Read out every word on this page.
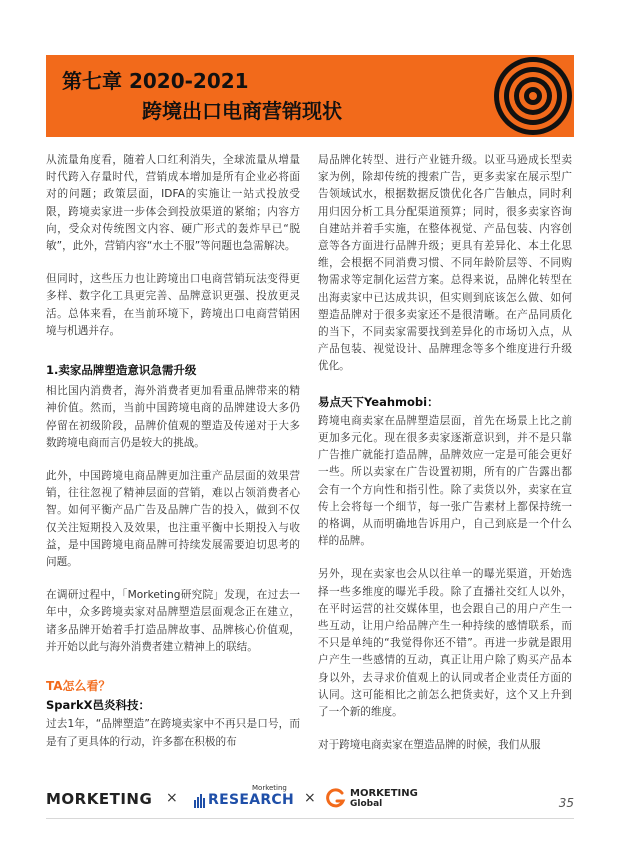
第七章 2020-2021
跨境出口电商营销现状

从流量角度看，随着人口红利消失，全球流量从增量时代跨入存量时代，营销成本增加是所有企业必将面对的问题；政策层面，IDFA的实施让一站式投放受限，跨境卖家进一步体会到投放渠道的紧缩；内容方向，受众对传统图文内容、硬广形式的轰炸早已“脱敏”，此外，营销内容“水土不服”等问题也急需解决。

但同时，这些压力也让跨境出口电商营销玩法变得更多样、数字化工具更完善、品牌意识更强、投放更灵活。总体来看，在当前环境下，跨境出口电商营销困境与机遇并存。

1.卖家品牌塑造意识急需升级

相比国内消费者，海外消费者更加看重品牌带来的精神价值。然而，当前中国跨境电商的品牌建设大多仍停留在初级阶段，品牌价值观的塑造及传递对于大多数跨境电商而言仍是较大的挑战。

此外，中国跨境电商品牌更加注重产品层面的效果营销，往往忽视了精神层面的营销，难以占领消费者心智。如何平衡产品广告及品牌广告的投入，做到不仅仅关注短期投入及效果，也注重平衡中长期投入与收益，是中国跨境电商品牌可持续发展需要迫切思考的问题。

在调研过程中，「Morketing研究院」发现，在过去一年中，众多跨境卖家对品牌塑造层面观念正在建立，诸多品牌开始着手打造品牌故事、品牌核心价值观，并开始以此与海外消费者建立精神上的联结。

TA怎么看？
SparkX邑炎科技：

过去1年，“品牌塑造”在跨境卖家中不再只是口号，而是有了更具体的行动，许多都在积极的布

局品牌化转型、进行产业链升级。以亚马逊成长型卖家为例，除却传统的搜索广告，更多卖家在展示型广告领域试水，根据数据反馈优化各广告触点，同时利用归因分析工具分配渠道预算；同时，很多卖家咨询自建站并着手实施，在整体视觉、产品包装、内容创意等各方面进行品牌升级；更具有差异化、本土化思维，会根据不同消费习惯、不同年龄阶层等、不同购物需求等定制化运营方案。总得来说，品牌化转型在出海卖家中已达成共识，但实则到底该怎么做、如何塑造品牌对于很多卖家还不是很清晰。在产品同质化的当下，不同卖家需要找到差异化的市场切入点，从产品包装、视觉设计、品牌理念等多个维度进行升级优化。

易点天下Yeahmobi：

跨境电商卖家在品牌塑造层面，首先在场景上比之前更加多元化。现在很多卖家逐渐意识到，并不是只靠广告推广就能打造品牌，品牌效应一定是可能会更好一些。所以卖家在广告设置初期，所有的广告露出都会有一个方向性和指引性。除了卖货以外，卖家在宣传上会将每一个细节，每一张广告素材上都保持统一的格调，从而明确地告诉用户，自己到底是一个什么样的品牌。

另外，现在卖家也会从以往单一的曝光渠道，开始选择一些多维度的曝光手段。除了直播社交红人以外，在平时运营的社交媒体里，也会跟自己的用户产生一些互动，让用户给品牌产生一种持续的感情联系，而不只是单纯的“我觉得你还不错”。再进一步就是跟用户产生一些感情的互动，真正让用户除了购买产品本身以外，去寻求价值观上的认同或者企业责任方面的认同。这可能相比之前怎么把货卖好，这个又上升到了一个新的维度。

对于跨境电商卖家在塑造品牌的时候，我们从服

MORKETING ×
Morketing
RESEARCH ×	MORKETING
Global	35
